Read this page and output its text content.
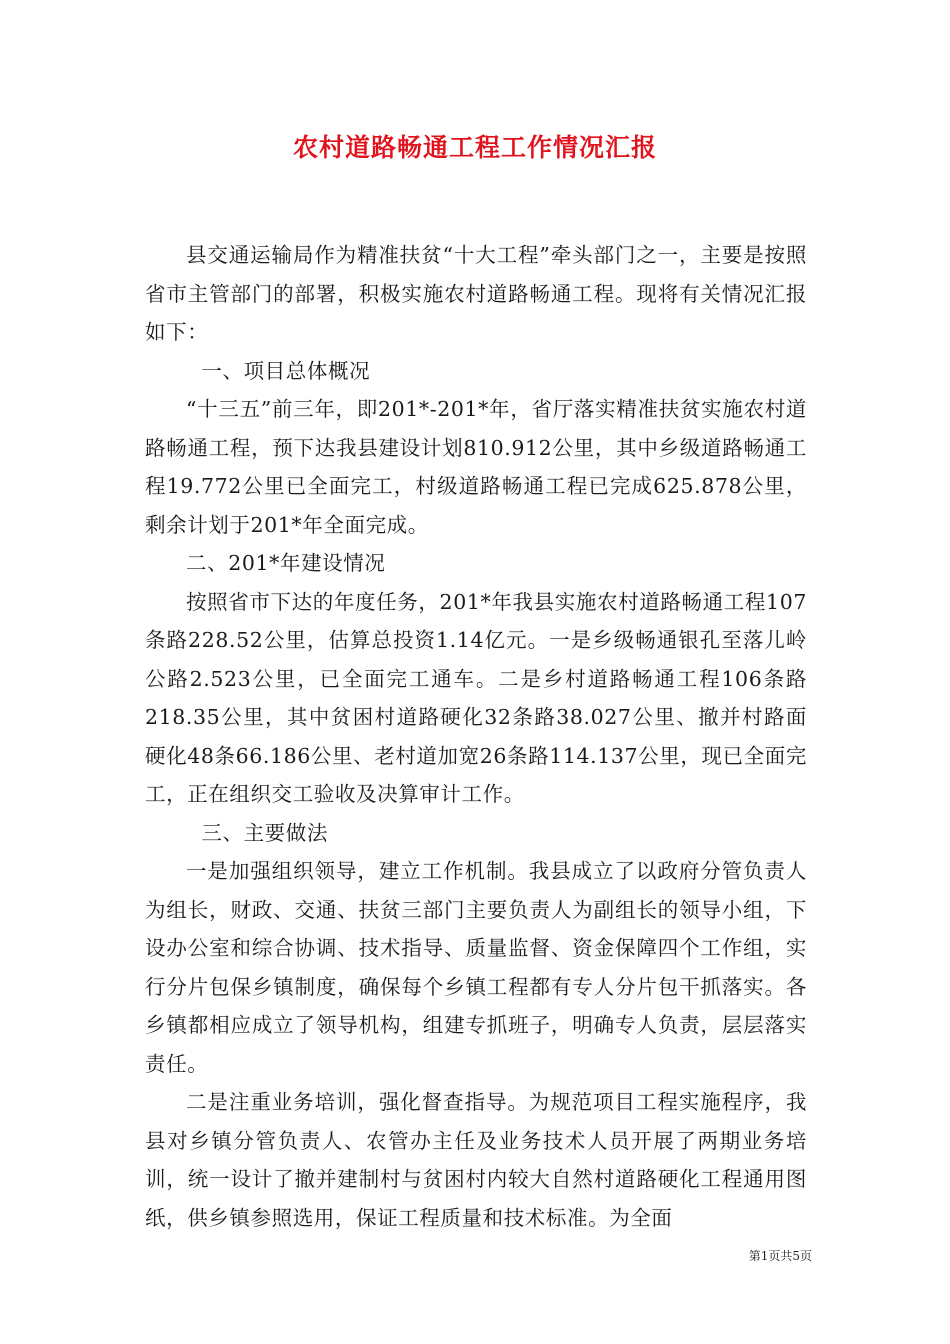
农村道路畅通工程工作情况汇报

县交通运输局作为精准扶贫“十大工程”牵头部门之一，主要是按照省市主管部门的部署，积极实施农村道路畅通工程。现将有关情况汇报如下：

一、项目总体概况

“十三五”前三年，即201*-201*年，省厅落实精准扶贫实施农村道路畅通工程，预下达我县建设计划810.912公里，其中乡级道路畅通工程19.772公里已全面完工，村级道路畅通工程已完成625.878公里，剩余计划于201*年全面完成。

二、201*年建设情况

按照省市下达的年度任务，201*年我县实施农村道路畅通工程107条路228.52公里，估算总投资1.14亿元。一是乡级畅通银孔至落儿岭公路2.523公里，已全面完工通车。二是乡村道路畅通工程106条路218.35公里，其中贫困村道路硬化32条路38.027公里、撤并村路面硬化48条66.186公里、老村道加宽26条路114.137公里，现已全面完工，正在组织交工验收及决算审计工作。

三、主要做法

一是加强组织领导，建立工作机制。我县成立了以政府分管负责人为组长，财政、交通、扶贫三部门主要负责人为副组长的领导小组，下设办公室和综合协调、技术指导、质量监督、资金保障四个工作组，实行分片包保乡镇制度，确保每个乡镇工程都有专人分片包干抓落实。各乡镇都相应成立了领导机构，组建专抓班子，明确专人负责，层层落实责任。

二是注重业务培训，强化督查指导。为规范项目工程实施程序，我县对乡镇分管负责人、农管办主任及业务技术人员开展了两期业务培训，统一设计了撤并建制村与贫困村内较大自然村道路硬化工程通用图纸，供乡镇参照选用，保证工程质量和技术标准。为全面

第1页共5页
